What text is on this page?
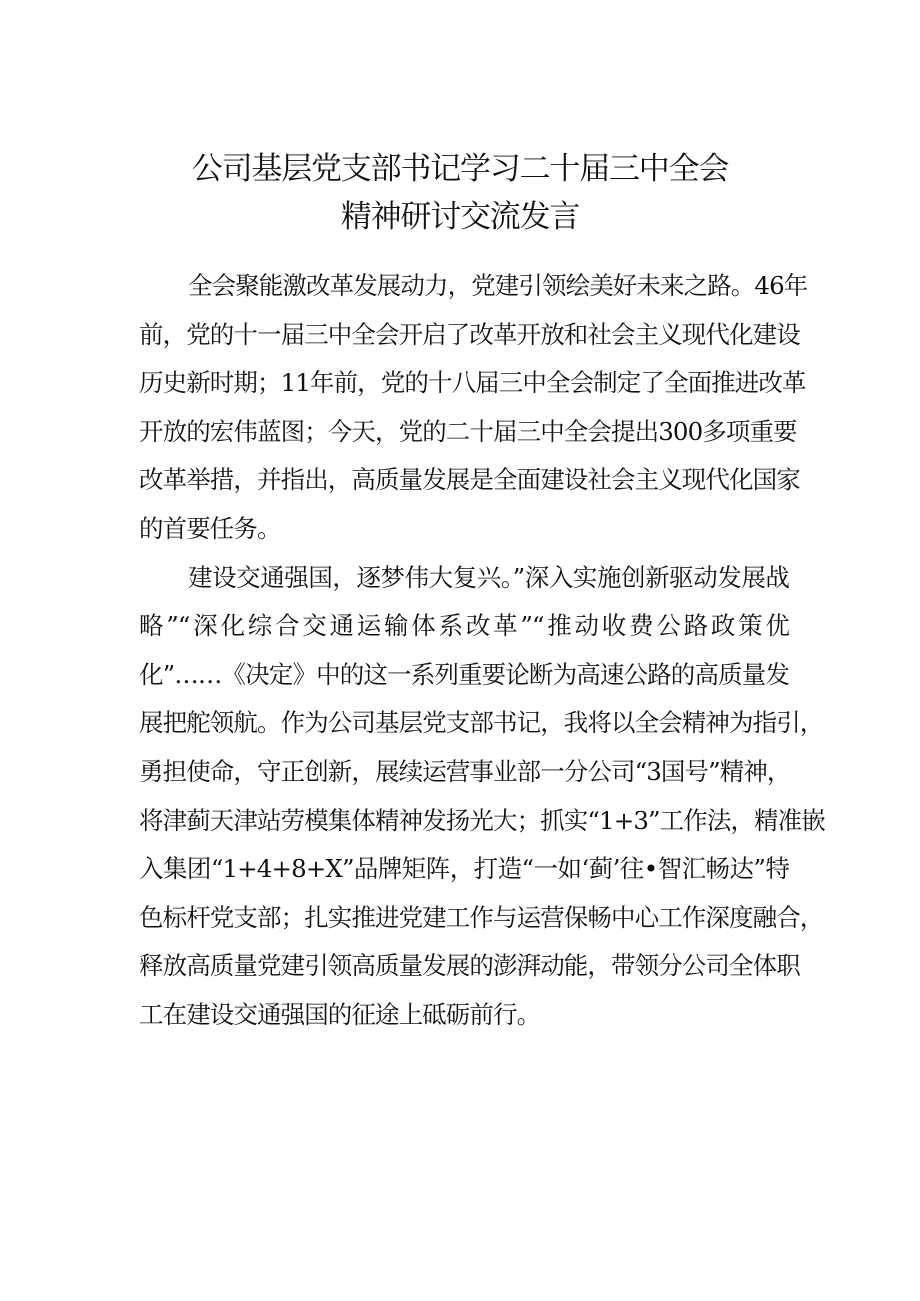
公司基层党支部书记学习二十届三中全会
精神研讨交流发言
全会聚能激改革发展动力，党建引领绘美好未来之路。46年
前，党的十一届三中全会开启了改革开放和社会主义现代化建设
历史新时期；11年前，党的十八届三中全会制定了全面推进改革
开放的宏伟蓝图；今天，党的二十届三中全会提出300多项重要
改革举措，并指出，高质量发展是全面建设社会主义现代化国家
的首要任务。
建设交通强国，逐梦伟大复兴。”深入实施创新驱动发展战
略”“深化综合交通运输体系改革”“推动收费公路政策优
化”……《决定》中的这一系列重要论断为高速公路的高质量发
展把舵领航。作为公司基层党支部书记，我将以全会精神为指引，
勇担使命，守正创新，展续运营事业部一分公司“3国号”精神，
将津蓟天津站劳模集体精神发扬光大；抓实“1+3”工作法，精准嵌
入集团“1+4+8+X”品牌矩阵，打造“一如‘蓟’往•智汇畅达”特
色标杆党支部；扎实推进党建工作与运营保畅中心工作深度融合，
释放高质量党建引领高质量发展的澎湃动能，带领分公司全体职
工在建设交通强国的征途上砥砺前行。
